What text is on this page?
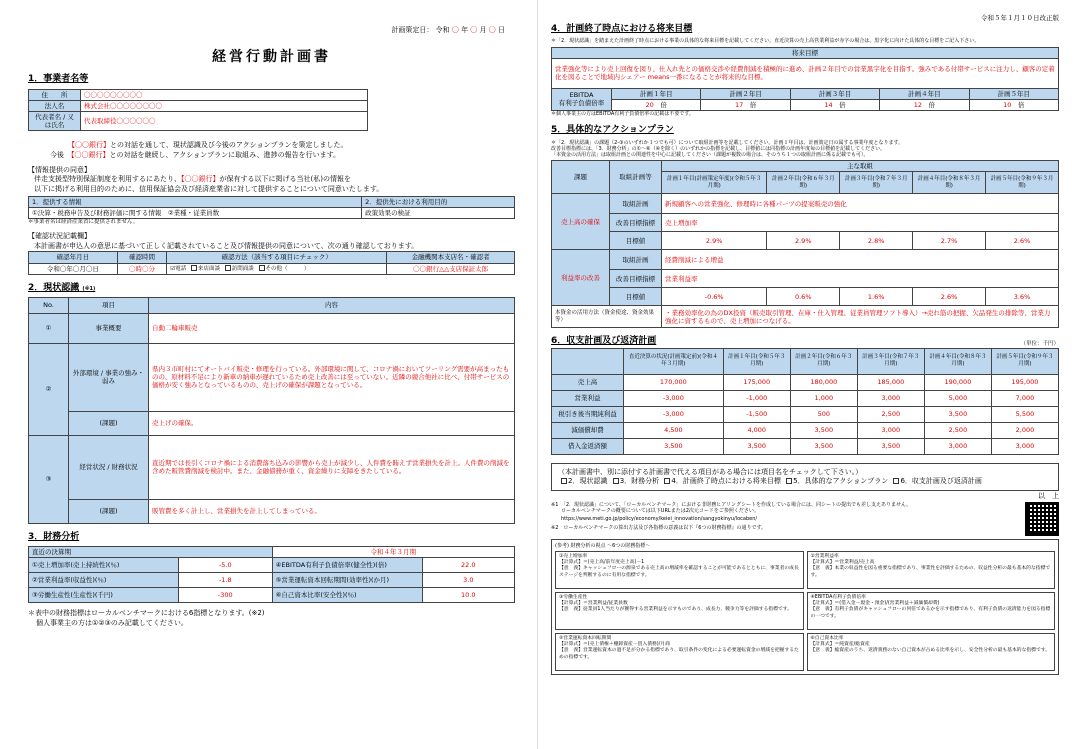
計画策定日： 令和 〇 年 〇 月 〇 日
経営行動計画書
1．事業者名等
住　　所	〇〇〇〇〇〇〇〇〇
法人名	株式会社〇〇〇〇〇〇〇〇
代表者名 / 又は氏名	代表取締役〇〇〇〇〇〇
【〇〇銀行】との対話を通して、現状認識及び今後のアクションプランを策定しました。
今後　 【〇〇銀行】との対話を継続し、アクションプランに取組み、進捗の報告を行います。
【情報提供の同意】
伴走支援型特別保証制度を利用するにあたり、【〇〇銀行】が保有する以下に掲げる当社(私)の情報を
以下に掲げる利用目的のために、信用保証協会及び経済産業省に対して提供することについて同意いたします。
1．提供する情報	2．提供先における利用目的
①決算・税務申告及び財務評価に関する情報　②業種・従業員数	政策効果の検証
＊事業者名は経済産業省に提供されません。
【確認状況記載欄】
本計画書が申込人の意思に基づいて正しく記載されていること及び情報提供の同意について、次の通り確認しております。
確認年月日	確認時間	確認方法（該当する項目にチェック）	金融機関本支店名・確認者
令和〇年〇月〇日	〇時〇分	☑電話 来店面談 訪問面談 その他（　　　 ）	〇〇銀行△△支店保証太郎
2．現状認識 (※1)
No.	項目	内容
①	事業概要	自動二輪車販売
②	外部環境 / 事業の強み・弱み	県内３市町村にてオートバイ販売・修理を行っている。外部環境に関して、コロナ禍においてツーリング需要が高まったものの、原材料不足により新車の納車が遅れているため売上改善には至っていない。近隣の競合他社に比べ、付帯サービスの価格が安く強みとなっているものの、売上げの確保が課題となっている。
	(課題)	売上げの確保。
③	経営状況 / 財務状況	直近期では長引くコロナ禍による消費落ち込みの影響から売上が減少し、人件費を賄えず営業損失を計上。人件費の削減を含めた販管費削減を検討中。また、金融債務が重く、資金繰りに支障をきたしている。
	(課題)	販管費を多く計上し、営業損失を計上してしまっている。
3．財務分析
直近の決算期		令和４年３月期	
①売上増加率(売上持続性)(％)	-5.0	④EBITDA有利子負債倍率(健全性)(倍)	22.0
②営業利益率(収益性)(％)	-1.8	⑤営業運転資本回転期間(効率性)(か月)	3.0
③労働生産性(生産性)(千円)	-300	⑥自己資本比率(安全性)(％)	10.0
＊表中の財務指標はローカルベンチマークにおける6指標となります。(※2)
個人事業主の方は①②③のみ記載してください。
令和５年１月１０日改正版
4．計画終了時点における将来目標
＊「2．現状認識」を踏まえた計画終了時点における事業の具体的な将来目標を記載してください。直近決算の売上高営業利益が赤字の場合は、黒字化に向けた具体的な目標をご記入下さい。
将来目標					
営業強化等により売上回復を図り、仕入れ先との価格交渉や経費削減を積極的に進め、計画２年目での営業黒字化を目指す。強みである付帯サービスに注力し、顧客の定着化を図ることで地域内シェアー means一番になることが将来的な目標。					
EBITDA
有利子負債倍率	計画１年目	計画２年目	計画３年目	計画４年目	計画５年目
	20　 倍	17　 倍	14　 倍	12　 倍	10　 倍
＊個人事業主の方はEBITDA有利子負債倍率の記載は不要です。
5．具体的なアクションプラン
＊「2．現状認識」の課題（2-③のいずれか１つでも可）について取組計画等を記載してください。計画１年目は、計画策定日の属する事業年度となります。
改善目標指標には、「3．財務分析」の①～⑥（④を除く）のいずれかの指標を記載し、目標値には同指標の計画年度毎の目標値を記載してください。
「本資金の活用方法」は取組計画との関連性を中心に記載してください（課題が複数の場合は、そのうち１つの取組計画に係る記載でも可）。
課題	取組計画等	主な取組				
		計画１年目(計画策定年度)(令和５年３月期)	計画２年目(令和６年３月期)	計画３年目(令和７年３月期)	計画４年目(令和８年３月期)	計画５年目(令和９年３月期)
売上高の確保	取組計画	新規顧客への営業強化、修理時に各種パーツの提案販売の強化				
	改善目標指標	売上増加率				
	目標値	2.9%	2.9%	2.8%	2.7%	2.6%
利益率の改善	取組計画	経費削減による増益				
	改善目標指標	営業利益率				
	目標値	-0.6%	0.6%	1.6%	2.6%	3.6%
本資金の活用方法（資金使途、資金効果等）		・業務効率化の為のDX投資（販売取引管理、在庫・仕入管理、従業員管理ソフト導入）→売れ筋の把握、欠品発生の排除等、営業力強化に資するもので、売上増加につなげる。				
6．収支計画及び返済計画	（単位：千円）
	直近決算の状況(計画策定前)(令和４年３月期)	計画１年目(令和５年３月期)	計画２年目(令和６年３月期)	計画３年目(令和７年３月期)	計画４年目(令和８年３月期)	計画５年目(令和９年３月期)
売上高	170,000	175,000	180,000	185,000	190,000	195,000
営業利益	-3,000	-1,000	1,000	3,000	5,000	7,000
税引き後当期純利益	-3,000	-1,500	500	2,500	3,500	5,500
減価償却費	4,500	4,000	3,500	3,000	2,500	2,000
借入金返済額	3,500	3,500	3,500	3,500	3,000	3,000
（本計画書中、別に添付する計画書で代える項目がある場合には項目名をチェックして下さい。）
2．現状認識 3．財務分析 4．計画終了時点における将来目標 5．具体的なアクションプラン 6．収支計画及び返済計画
以　上
※1　「2．現状認識」について、「ローカルベンチマーク」における非財務ヒアリングシートを作成している場合には、同シートの提出でも差し支えありません。
ローカルベンチマークの概要については以下URLまたは2次元コードをご参照ください。
https://www.meti.go.jp/policy/economy/keiei_innovation/sangyokinyu/locaben/
※2　ローカルベンチマークの算出方法及び各指標の意義は以下『6つの財務指標』の通りです。
(参考) 財務分析の視点 ～6つの財務指標～
①売上増加率
【計算式】＝(売上高/前年度売上高)－1
【意　義】キャッシュフローの源泉である売上高の増減率を確認することが可能であるとともに、事業者の成長ステージを判断するのに有用な指標です。
②営業利益率
【計算式】＝営業利益/売上高
【意　義】本業の収益性を図る重要な指標であり、事業性を評価するための、収益性分析の最も基本的な指標です。
③労働生産性
【計算式】＝営業利益/従業員数
【意　義】従業員1人当たりが獲得する営業利益を示すものであり、成長力、競争力等を評価する指標です。
④EBITDA有利子負債倍率
【計算式】＝(借入金－現金・預金)/(営業利益＋減価償却費)
【意　義】有利子負債がキャッシュフローの何倍であるかを示す指標であり、有利子負債の返済能力を図る指標の一つです。
⑤営業運転資本回転期間
【計算式】＝(売上債権＋棚卸資産－買入債務)/月商
【意　義】営業運転資本の過不足が分かる指標であり、取引条件の変化による必要運転資金の増減を把握するための指標です。
⑥自己資本比率
【計算式】＝純資産/総資産
【意　義】総資産のうち、返済義務のない自己資本が占める比率を示し、安全性分析の最も基本的な指標です。
